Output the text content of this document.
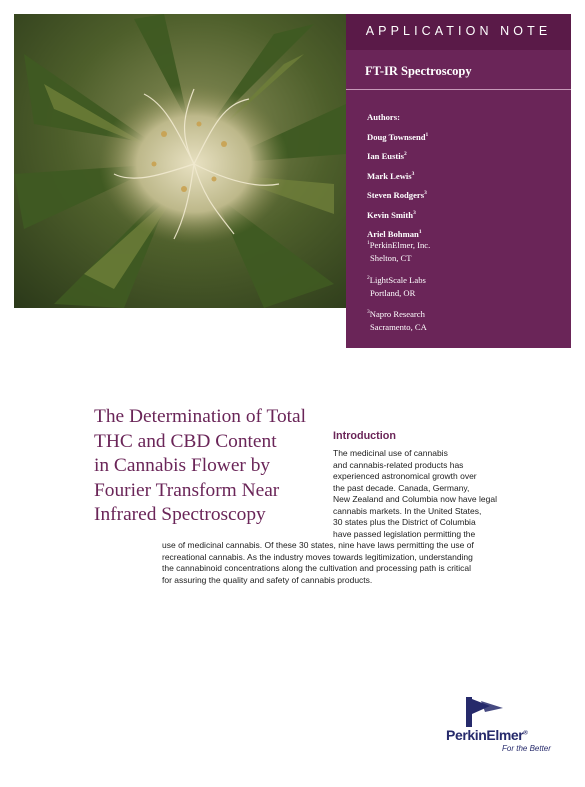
APPLICATION NOTE
FT-IR Spectroscopy
Authors:
Doug Townsend$^1$
Ian Eustis$^2$
Mark Lewis$^3$
Steven Rodgers$^3$
Kevin Smith$^3$
Ariel Bohman$^1$
$^1$PerkinElmer, Inc.
Shelton, CT
$^2$LightScale Labs
Portland, OR
$^3$Napro Research
Sacramento, CA
The Determination of Total
THC and CBD Content
in Cannabis Flower by
Fourier Transform Near
Infrared Spectroscopy
Introduction
The medicinal use of cannabis
and cannabis-related products has
experienced astronomical growth over
the past decade. Canada, Germany,
New Zealand and Columbia now have legal
cannabis markets. In the United States,
30 states plus the District of Columbia
have passed legislation permitting the
use of medicinal cannabis. Of these 30 states, nine have laws permitting the use of
recreational cannabis. As the industry moves towards legitimization, understanding
the cannabinoid concentrations along the cultivation and processing path is critical
for assuring the quality and safety of cannabis products.
PerkinElmer®
For the Better
